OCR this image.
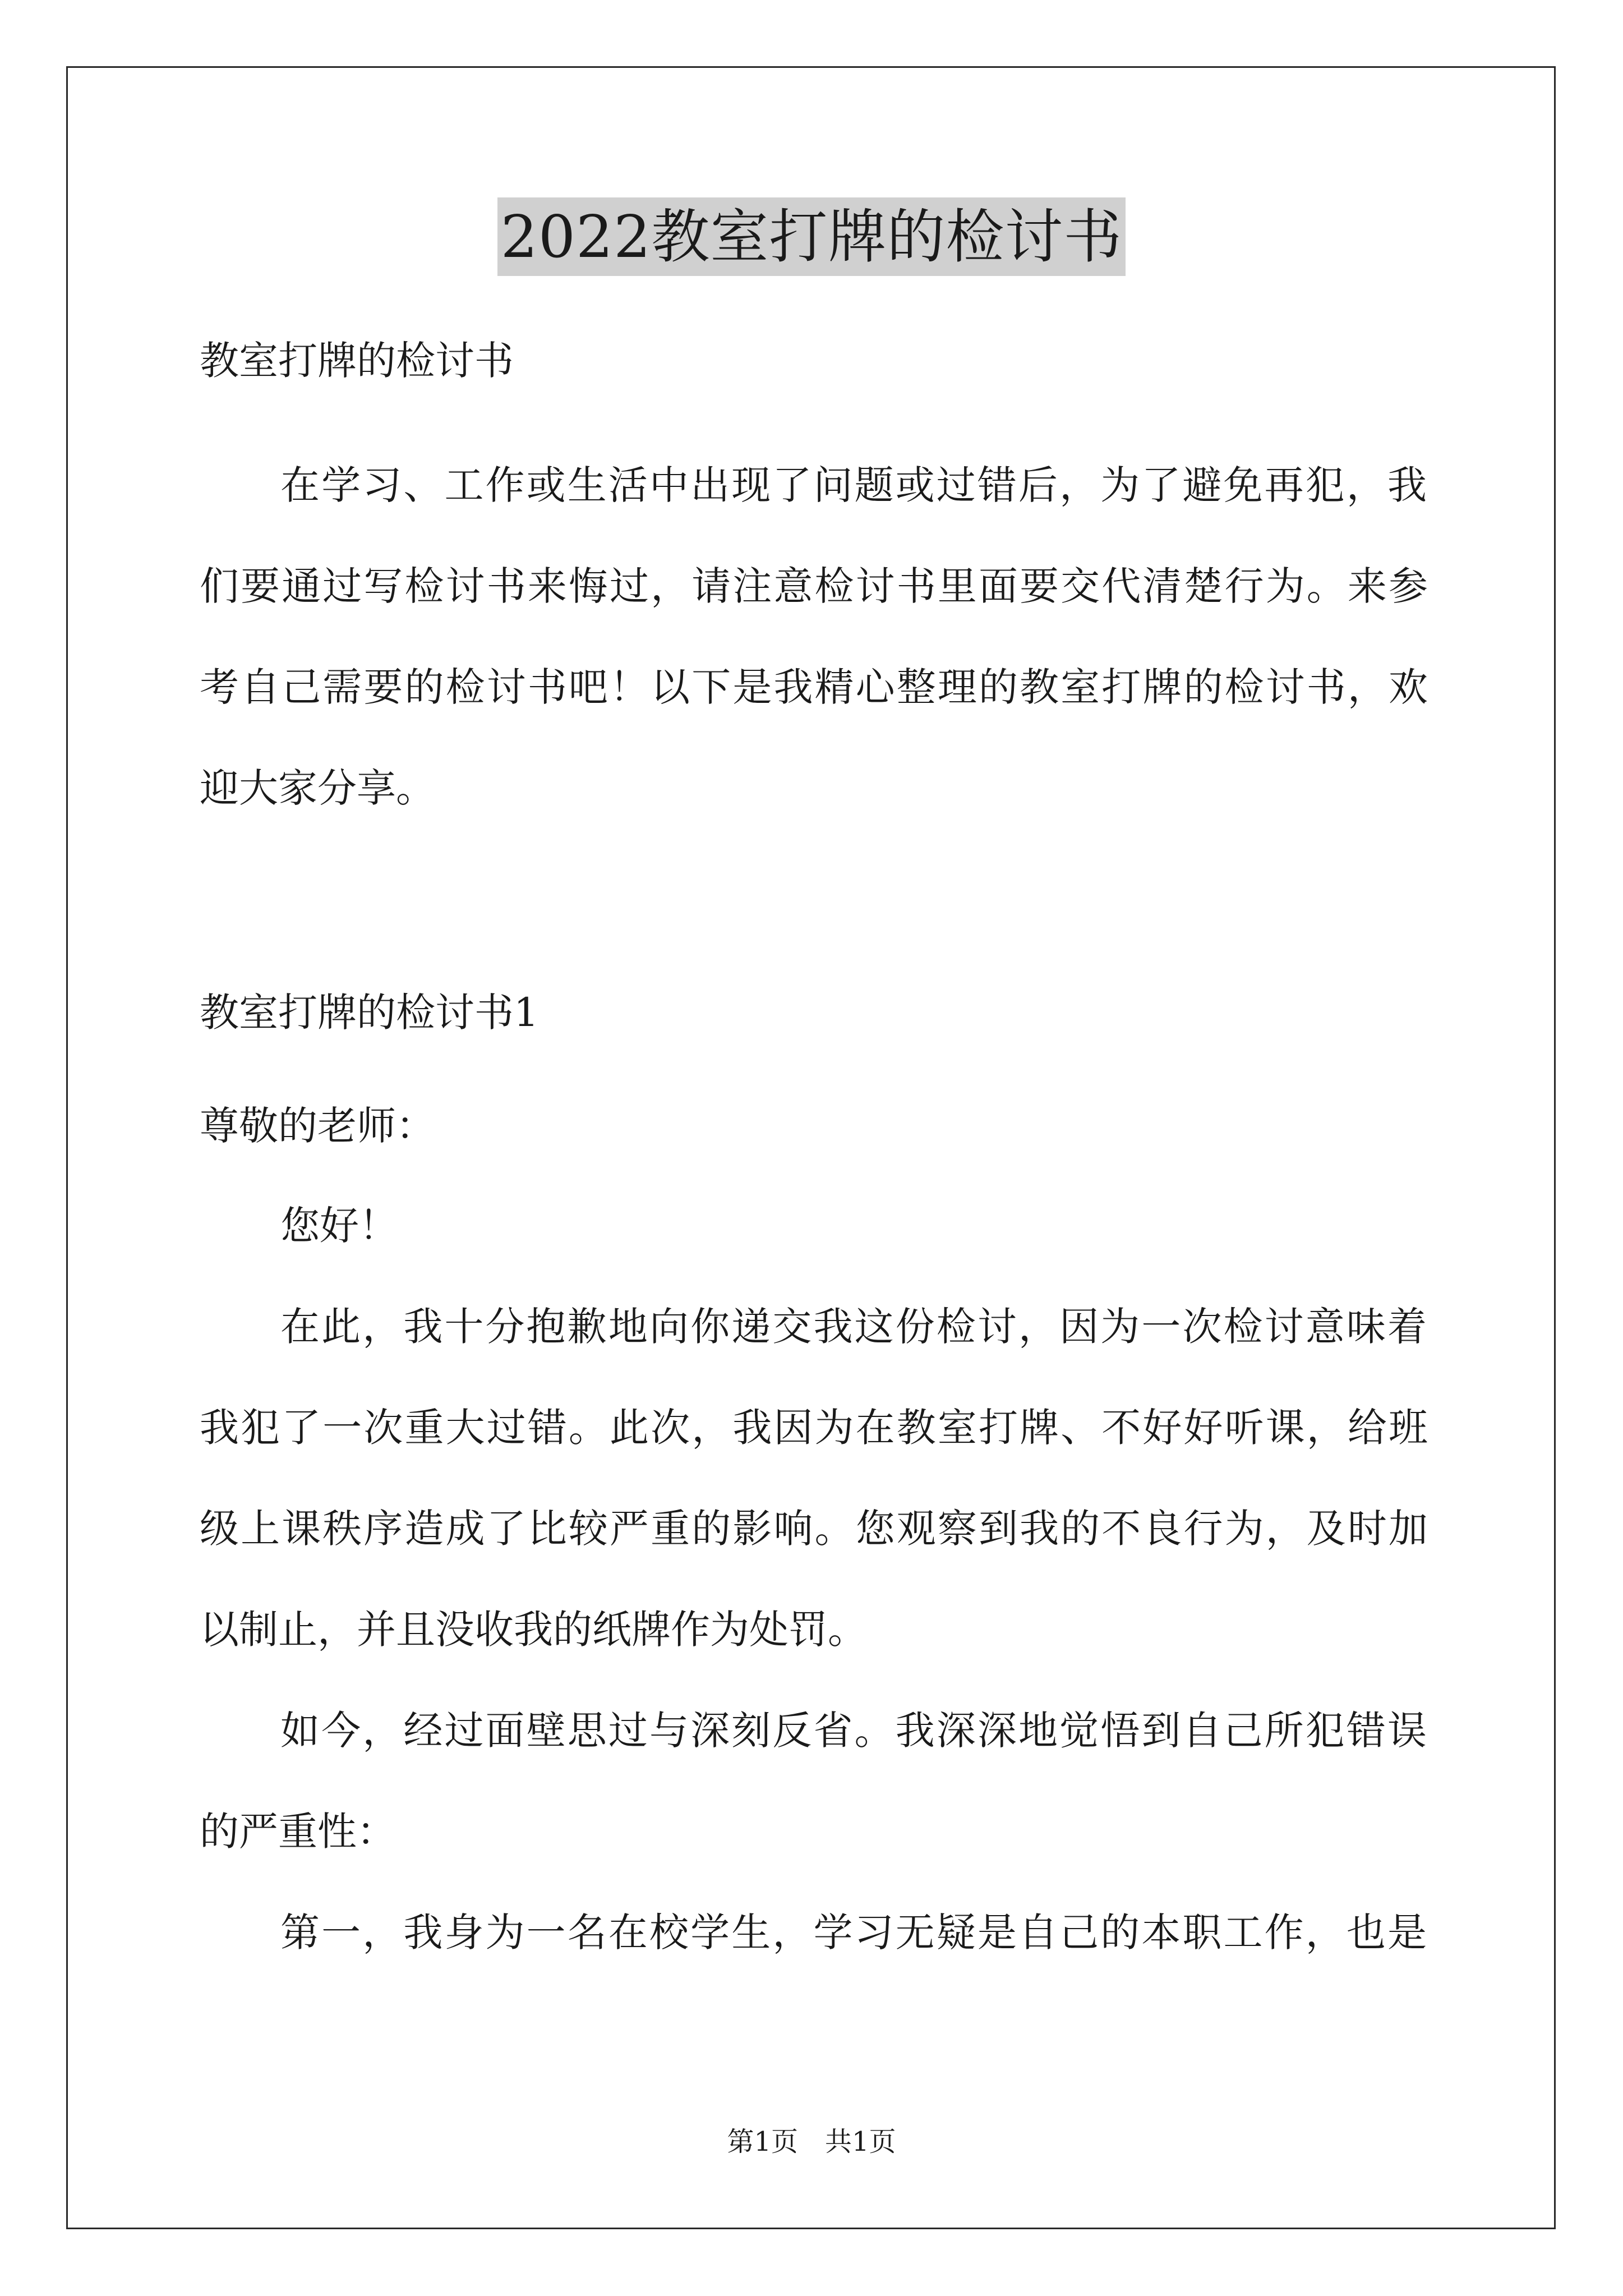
2022教室打牌的检讨书
教室打牌的检讨书
在学习、工作或生活中出现了问题或过错后，为了避免再犯，我
们要通过写检讨书来悔过，请注意检讨书里面要交代清楚行为。来参
考自己需要的检讨书吧！以下是我精心整理的教室打牌的检讨书，欢
迎大家分享。
教室打牌的检讨书1
尊敬的老师：
您好！
在此，我十分抱歉地向你递交我这份检讨，因为一次检讨意味着
我犯了一次重大过错。此次，我因为在教室打牌、不好好听课，给班
级上课秩序造成了比较严重的影响。您观察到我的不良行为，及时加
以制止，并且没收我的纸牌作为处罚。
如今，经过面壁思过与深刻反省。我深深地觉悟到自己所犯错误
的严重性：
第一，我身为一名在校学生，学习无疑是自己的本职工作，也是
第1页　共1页
